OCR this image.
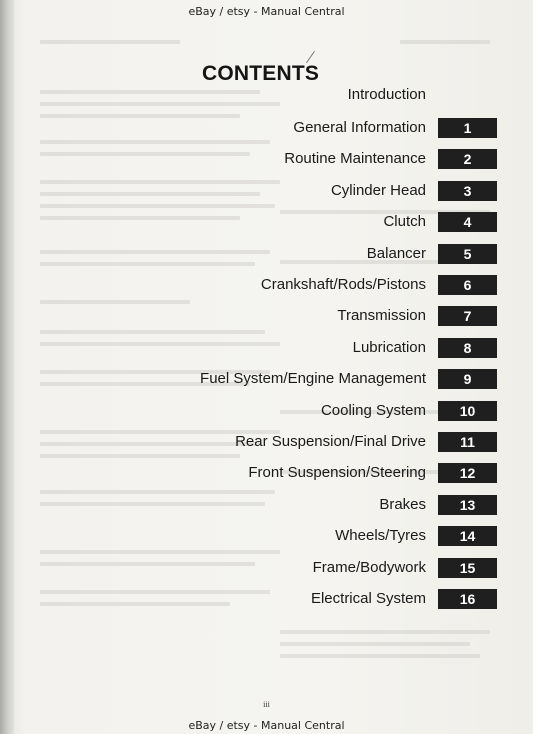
eBay / etsy - Manual Central
CONTENTS
Introduction
General Information	1
Routine Maintenance	2
Cylinder Head	3
Clutch	4
Balancer	5
Crankshaft/Rods/Pistons	6
Transmission	7
Lubrication	8
Fuel System/Engine Management	9
Cooling System	10
Rear Suspension/Final Drive	11
Front Suspension/Steering	12
Brakes	13
Wheels/Tyres	14
Frame/Bodywork	15
Electrical System	16
iii
eBay / etsy - Manual Central
